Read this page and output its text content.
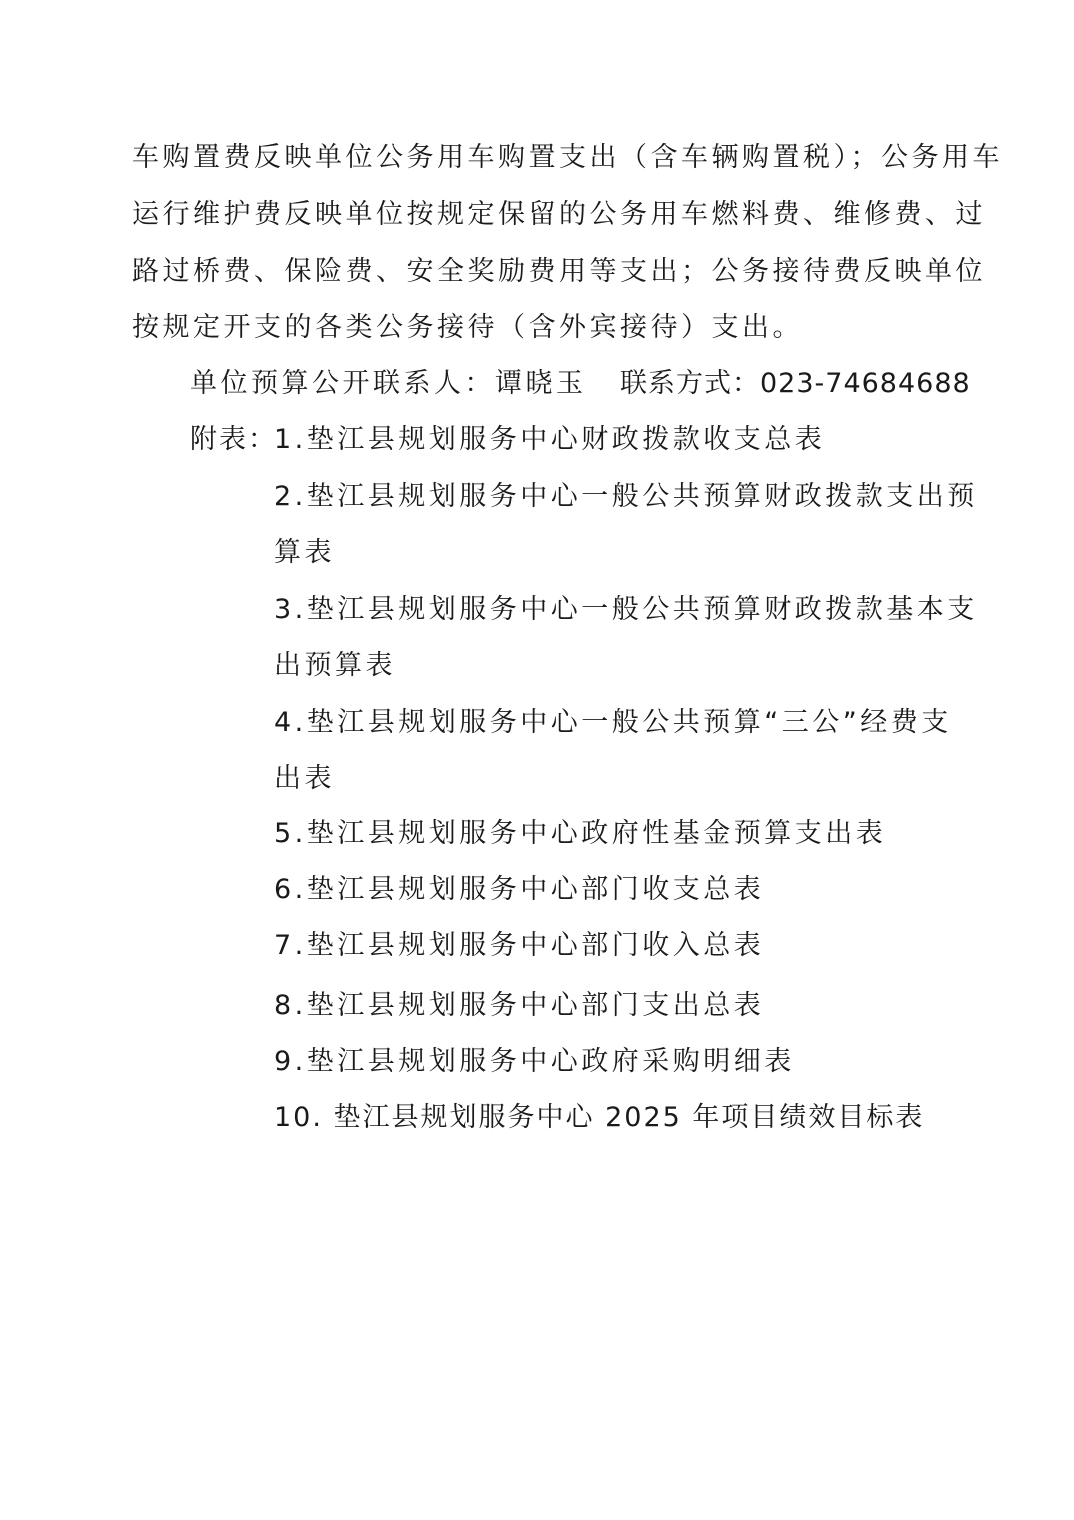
车购置费反映单位公务用车购置支出（含车辆购置税）；公务用车
运行维护费反映单位按规定保留的公务用车燃料费、维修费、过
路过桥费、保险费、安全奖励费用等支出；公务接待费反映单位
按规定开支的各类公务接待（含外宾接待）支出。
单位预算公开联系人：谭晓玉 联系方式：023-74684688
附表：
1.垫江县规划服务中心财政拨款收支总表
2.垫江县规划服务中心一般公共预算财政拨款支出预
算表
3.垫江县规划服务中心一般公共预算财政拨款基本支
出预算表
4.垫江县规划服务中心一般公共预算“三公”经费支
出表
5.垫江县规划服务中心政府性基金预算支出表
6.垫江县规划服务中心部门收支总表
7.垫江县规划服务中心部门收入总表
8.垫江县规划服务中心部门支出总表
9.垫江县规划服务中心政府采购明细表
10. 垫江县规划服务中心 2025 年项目绩效目标表
